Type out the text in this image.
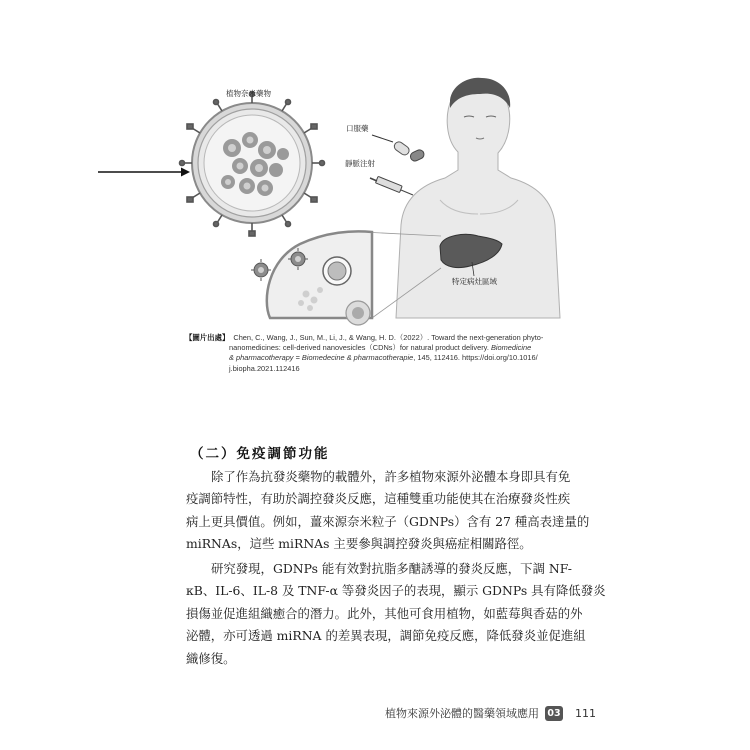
植物奈米藥物
口服藥
靜脈注射
特定病灶區域
【圖片出處】 Chen, C., Wang, J., Sun, M., Li, J., & Wang, H. D.（2022）. Toward the next-generation phyto-
nanomedicines: cell-derived nanovesicles（CDNs）for natural product delivery. Biomedicine
& pharmacotherapy = Biomedecine & pharmacotherapie, 145, 112416. https://doi.org/10.1016/
j.biopha.2021.112416
（二）免疫調節功能
除了作為抗發炎藥物的載體外，許多植物來源外泌體本身即具有免
疫調節特性，有助於調控發炎反應，這種雙重功能使其在治療發炎性疾
病上更具價值。例如，薑來源奈米粒子（GDNPs）含有 27 種高表達量的
miRNAs，這些 miRNAs 主要參與調控發炎與癌症相關路徑。
研究發現，GDNPs 能有效對抗脂多醣誘導的發炎反應，下調 NF-
κB、IL-6、IL-8 及 TNF-α 等發炎因子的表現，顯示 GDNPs 具有降低發炎
損傷並促進組織癒合的潛力。此外，其他可食用植物，如藍莓與香菇的外
泌體，亦可透過 miRNA 的差異表現，調節免疫反應，降低發炎並促進組
織修復。
植物來源外泌體的醫藥領域應用 03 111
